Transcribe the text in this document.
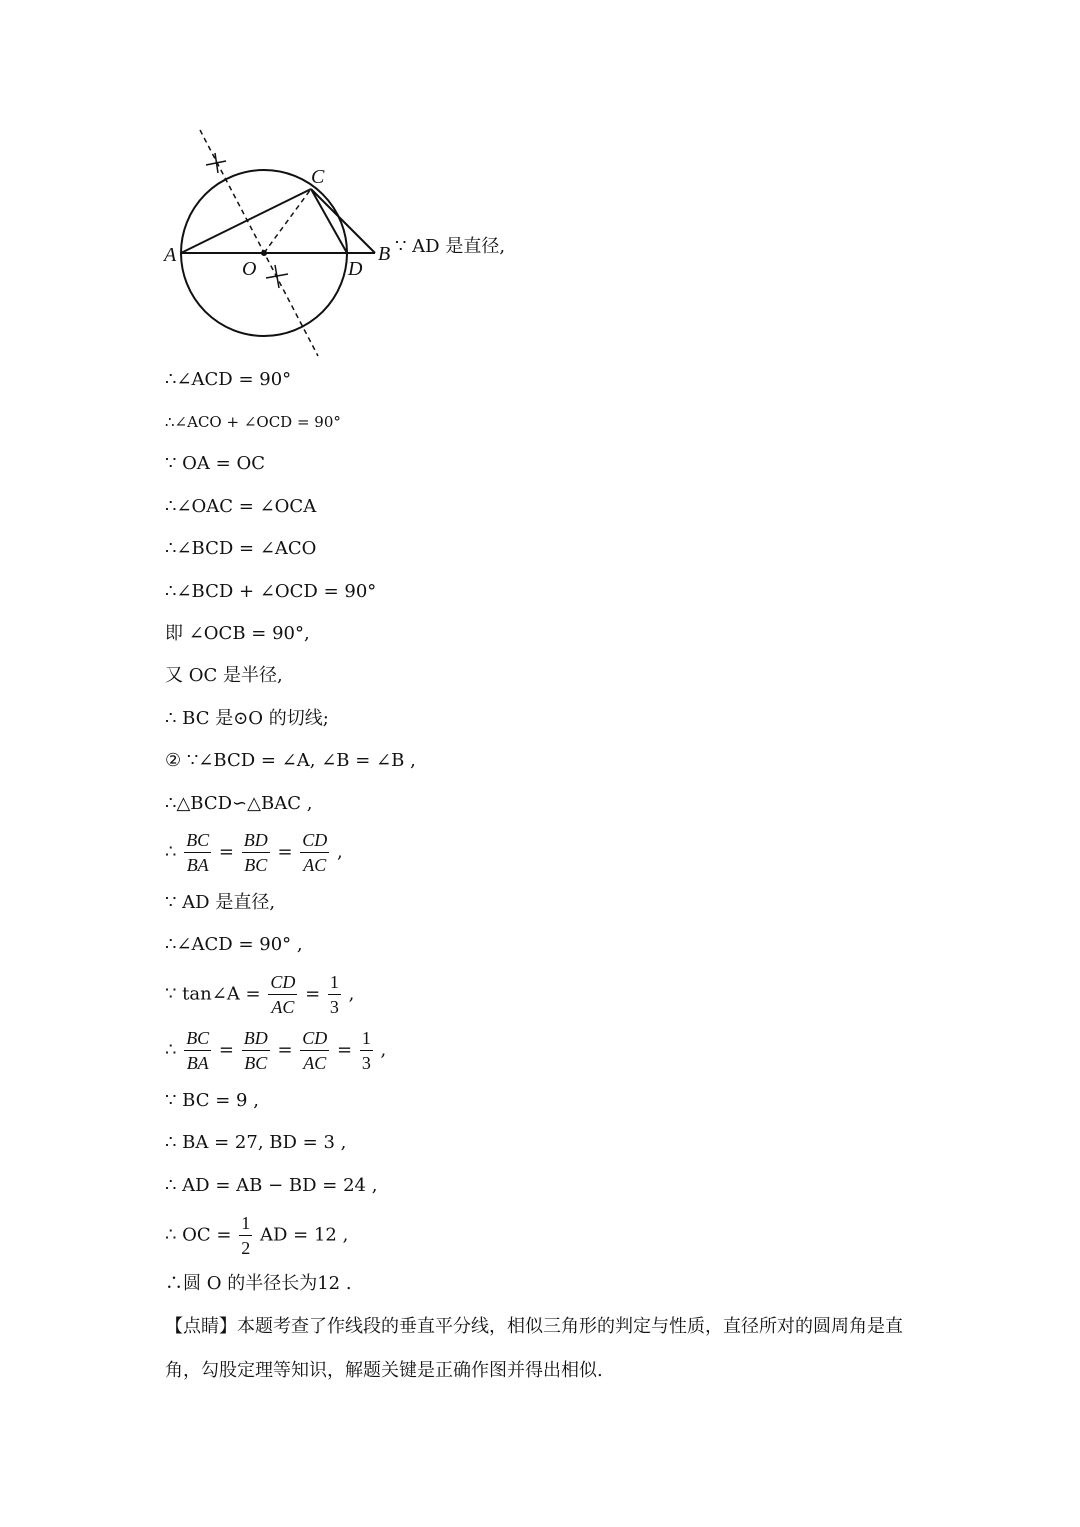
A
C
O	D
B ∵ AD 是直径,
∴∠ACD = 90°
∴∠ACO + ∠OCD = 90°
∵ OA = OC
∴∠OAC = ∠OCA
∴∠BCD = ∠ACO
∴∠BCD + ∠OCD = 90°
即 ∠OCB = 90°,
又 OC 是半径,
∴ BC 是⊙O 的切线;
② ∵∠BCD = ∠A, ∠B = ∠B ,
∴△BCD∽△BAC ,
∴ $\frac{BC}{BA} = \frac{BD}{BC} = \frac{CD}{AC}$ ,
∵ AD 是直径,
∴∠ACD = 90° ,
∵ tan∠A = $\frac{CD}{AC} = \frac{1}{3}$ ,
∴ $\frac{BC}{BA} = \frac{BD}{BC} = \frac{CD}{AC} = \frac{1}{3}$ ,
∵ BC = 9 ,
∴ BA = 27, BD = 3 ,
∴ AD = AB − BD = 24 ,
∴ OC = $\frac{1}{2}$ AD = 12 ,
∴圆 O 的半径长为12 .
【点睛】本题考查了作线段的垂直平分线，相似三角形的判定与性质，直径所对的圆周角是直角，勾股定理等知识，解题关键是正确作图并得出相似.
